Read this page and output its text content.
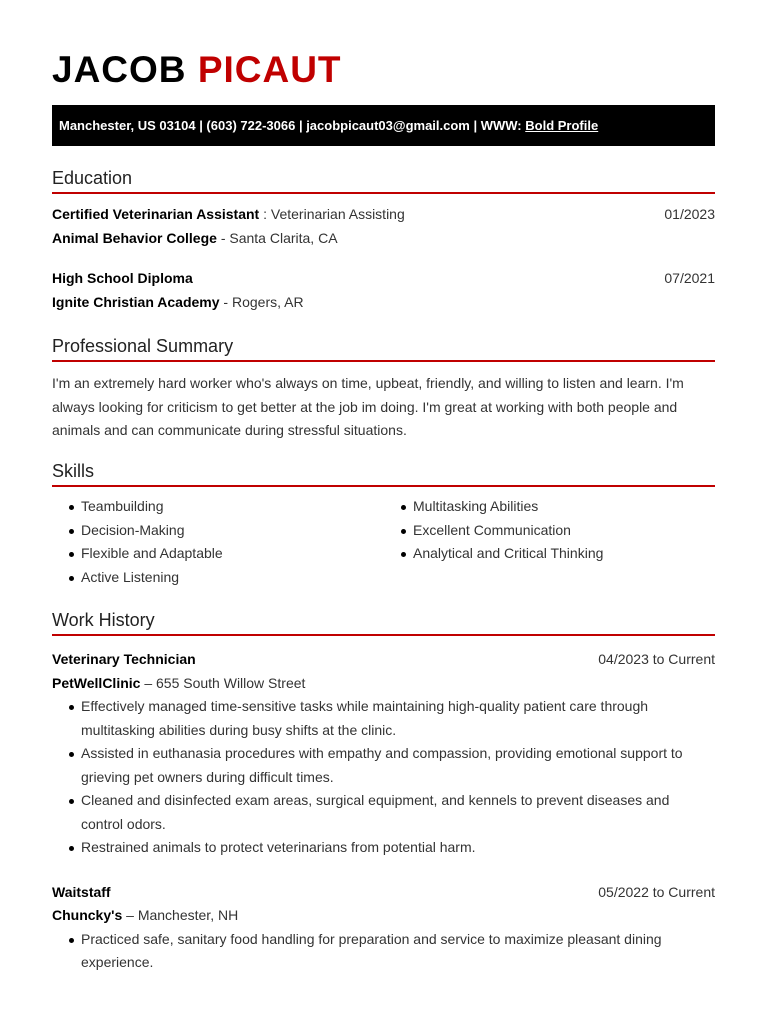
JACOB PICAUT
Manchester, US 03104 | (603) 722-3066 | jacobpicaut03@gmail.com | WWW: Bold Profile
Education
Certified Veterinarian Assistant : Veterinarian Assisting	01/2023
Animal Behavior College - Santa Clarita, CA
High School Diploma	07/2021
Ignite Christian Academy - Rogers, AR
Professional Summary
I'm an extremely hard worker who's always on time, upbeat, friendly, and willing to listen and learn. I'm always looking for criticism to get better at the job im doing. I'm great at working with both people and animals and can communicate during stressful situations.
Skills
Teambuilding
Decision-Making
Flexible and Adaptable
Active Listening
Multitasking Abilities
Excellent Communication
Analytical and Critical Thinking
Work History
Veterinary Technician	04/2023 to Current
PetWellClinic – 655 South Willow Street
Effectively managed time-sensitive tasks while maintaining high-quality patient care through multitasking abilities during busy shifts at the clinic.
Assisted in euthanasia procedures with empathy and compassion, providing emotional support to grieving pet owners during difficult times.
Cleaned and disinfected exam areas, surgical equipment, and kennels to prevent diseases and control odors.
Restrained animals to protect veterinarians from potential harm.
Waitstaff	05/2022 to Current
Chuncky's – Manchester, NH
Practiced safe, sanitary food handling for preparation and service to maximize pleasant dining experience.
